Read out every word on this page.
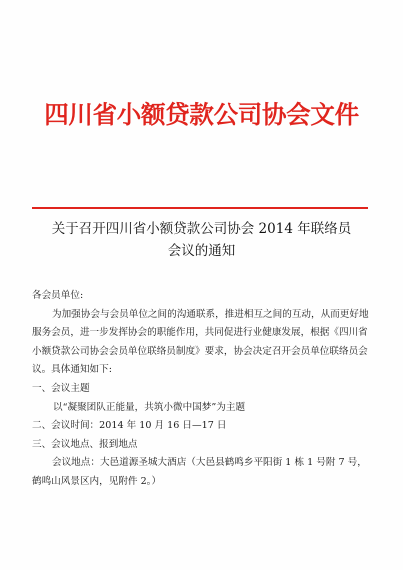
四川省小额贷款公司协会文件
关于召开四川省小额贷款公司协会 2014 年联络员
会议的通知

各会员单位:

为加强协会与会员单位之间的沟通联系，推进相互之间的互动，从而更好地服务会员，进一步发挥协会的职能作用，共同促进行业健康发展，根据《四川省小额贷款公司协会会员单位联络员制度》要求，协会决定召开会员单位联络员会议。具体通知如下:

一、会议主题

以“凝聚团队正能量，共筑小微中国梦”为主题

二、会议时间：2014 年 10 月 16 日—17 日

三、会议地点、报到地点

会议地点：大邑道源圣城大酒店（大邑县鹤鸣乡平阳街 1 栋 1 号附 7 号，鹤鸣山风景区内，见附件 2。）
